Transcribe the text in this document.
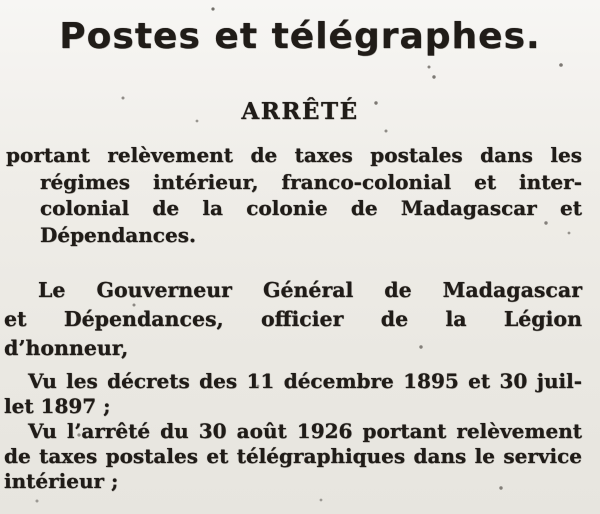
Postes et télégraphes.
ARRÊTÉ
portant relèvement de taxes postales dans les
régimes intérieur, franco-colonial et inter-
colonial de la colonie de Madagascar et
Dépendances.
Le Gouverneur Général de Madagascar
et Dépendances, officier de la Légion
d’honneur,
Vu les décrets des 11 décembre 1895 et 30 juil-
let 1897 ;
Vu l’arrêté du 30 août 1926 portant relèvement
de taxes postales et télégraphiques dans le service
intérieur ;
